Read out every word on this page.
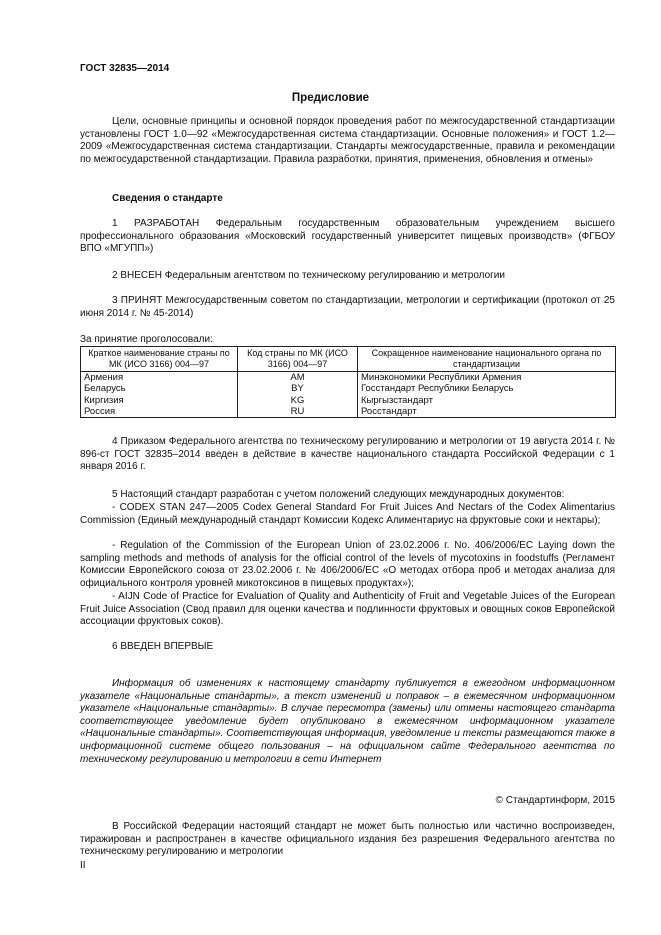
ГОСТ 32835—2014
Предисловие
Цели, основные принципы и основной порядок проведения работ по межгосударственной стандартизации установлены ГОСТ 1.0—92 «Межгосударственная система стандартизации. Основные положения» и ГОСТ 1.2—2009 «Межгосударственная система стандартизации. Стандарты межгосударственные, правила и рекомендации по межгосударственной стандартизации. Правила разработки, принятия, применения, обновления и отмены»
Сведения о стандарте
1 РАЗРАБОТАН Федеральным государственным образовательным учреждением высшего профессионального образования «Московский государственный университет пищевых производств» (ФГБОУ ВПО «МГУПП»)
2 ВНЕСЕН Федеральным агентством по техническому регулированию и метрологии
3 ПРИНЯТ Межгосударственным советом по стандартизации, метрологии и сертификации (протокол от 25 июня 2014 г. № 45-2014)
За принятие проголосовали:
Краткое наименование страны по МК (ИСО 3166) 004—97	Код страны по МК (ИСО 3166) 004—97	Сокращенное наименование национального органа по стандартизации
Армения	AM	Минэкономики Республики Армения
Беларусь	BY	Госстандарт Республики Беларусь
Киргизия	KG	Кыргызстандарт
Россия	RU	Росстандарт
4 Приказом Федерального агентства по техническому регулированию и метрологии от 19 августа 2014 г. № 896-ст ГОСТ 32835–2014 введен в действие в качестве национального стандарта Российской Федерации с 1 января 2016 г.
5 Настоящий стандарт разработан с учетом положений следующих международных документов:
- CODEX STAN 247—2005 Codex General Standard For Fruit Juices And Nectars of the Codex Alimentarius Commission (Единый международный стандарт Комиссии Кодекс Алиментариус на фруктовые соки и нектары);
- Regulation of the Commission of the European Union of 23.02.2006 г. No. 406/2006/EC Laying down the sampling methods and methods of analysis for the official control of the levels of mycotoxins in foodstuffs (Регламент Комиссии Европейского союза от 23.02.2006 г. № 406/2006/ЕС «О методах отбора проб и методах анализа для официального контроля уровней микотоксинов в пищевых продуктах»);
- AIJN Code of Practice for Evaluation of Quality and Authenticity of Fruit and Vegetable Juices of the European Fruit Juice Association (Свод правил для оценки качества и подлинности фруктовых и овощных соков Европейской ассоциации фруктовых соков).
6 ВВЕДЕН ВПЕРВЫЕ
Информация об изменениях к настоящему стандарту публикуется в ежегодном информационном указателе «Национальные стандарты», а текст изменений и поправок – в ежемесячном информационном указателе «Национальные стандарты». В случае пересмотра (замены) или отмены настоящего стандарта соответствующее уведомление будет опубликовано в ежемесячном информационном указателе «Национальные стандарты». Соответствующая информация, уведомление и тексты размещаются также в информационной системе общего пользования – на официальном сайте Федерального агентства по техническому регулированию и метрологии в сети Интернет
© Стандартинформ, 2015
В Российской Федерации настоящий стандарт не может быть полностью или частично воспроизведен, тиражирован и распространен в качестве официального издания без разрешения Федерального агентства по техническому регулированию и метрологии
II
